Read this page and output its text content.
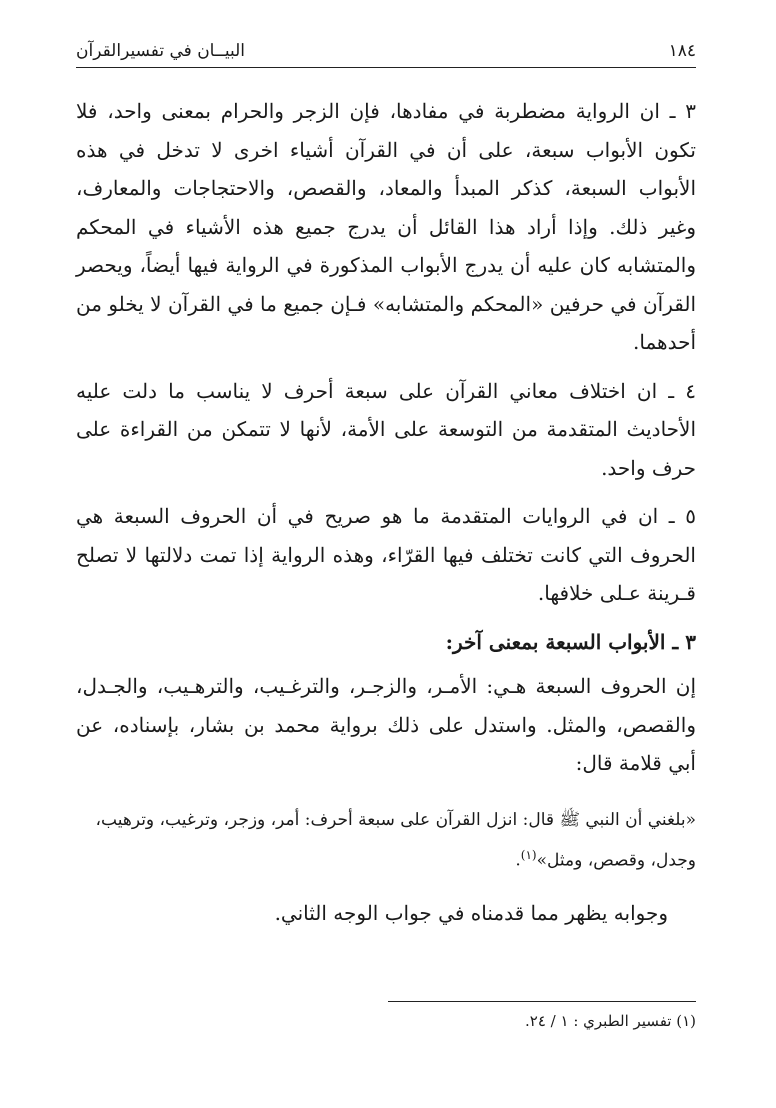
١٨٤
البيــان في تفسيرالقرآن

٣ ـ ان الرواية مضطربة في مفادها، فإن الزجر والحرام بمعنى واحد، فلا تكون الأبواب سبعة، على أن في القرآن أشياء اخرى لا تدخل في هذه الأبواب السبعة، كذكر المبدأ والمعاد، والقصص، والاحتجاجات والمعارف، وغير ذلك. وإذا أراد هذا القائل أن يدرج جميع هذه الأشياء في المحكم والمتشابه كان عليه أن يدرج الأبواب المذكورة في الرواية فيها أيضاً، ويحصر القرآن في حرفين «المحكم والمتشابه» فـإن جميع ما في القرآن لا يخلو من أحدهما.

٤ ـ ان اختلاف معاني القرآن على سبعة أحرف لا يناسب ما دلت عليه الأحاديث المتقدمة من التوسعة على الأمة، لأنها لا تتمكن من القراءة على حرف واحد.

٥ ـ ان في الروايات المتقدمة ما هو صريح في أن الحروف السبعة هي الحروف التي كانت تختلف فيها القرّاء، وهذه الرواية إذا تمت دلالتها لا تصلح قـرينة عـلى خلافها.

٣ ـ الأبواب السبعة بمعنى آخر:

إن الحروف السبعة هـي: الأمـر، والزجـر، والترغـيب، والترهـيب، والجـدل، والقصص، والمثل. واستدل على ذلك برواية محمد بن بشار، بإسناده، عن أبي قلامة قال:

«بلغني أن النبي ﷺ قال: انزل القرآن على سبعة أحرف: أمر، وزجر، وترغيب، وترهيب، وجدل، وقصص، ومثل»$^{(١)}$.

وجوابه يظهر مما قدمناه في جواب الوجه الثاني.

(١) تفسير الطبري : ١ / ٢٤.
